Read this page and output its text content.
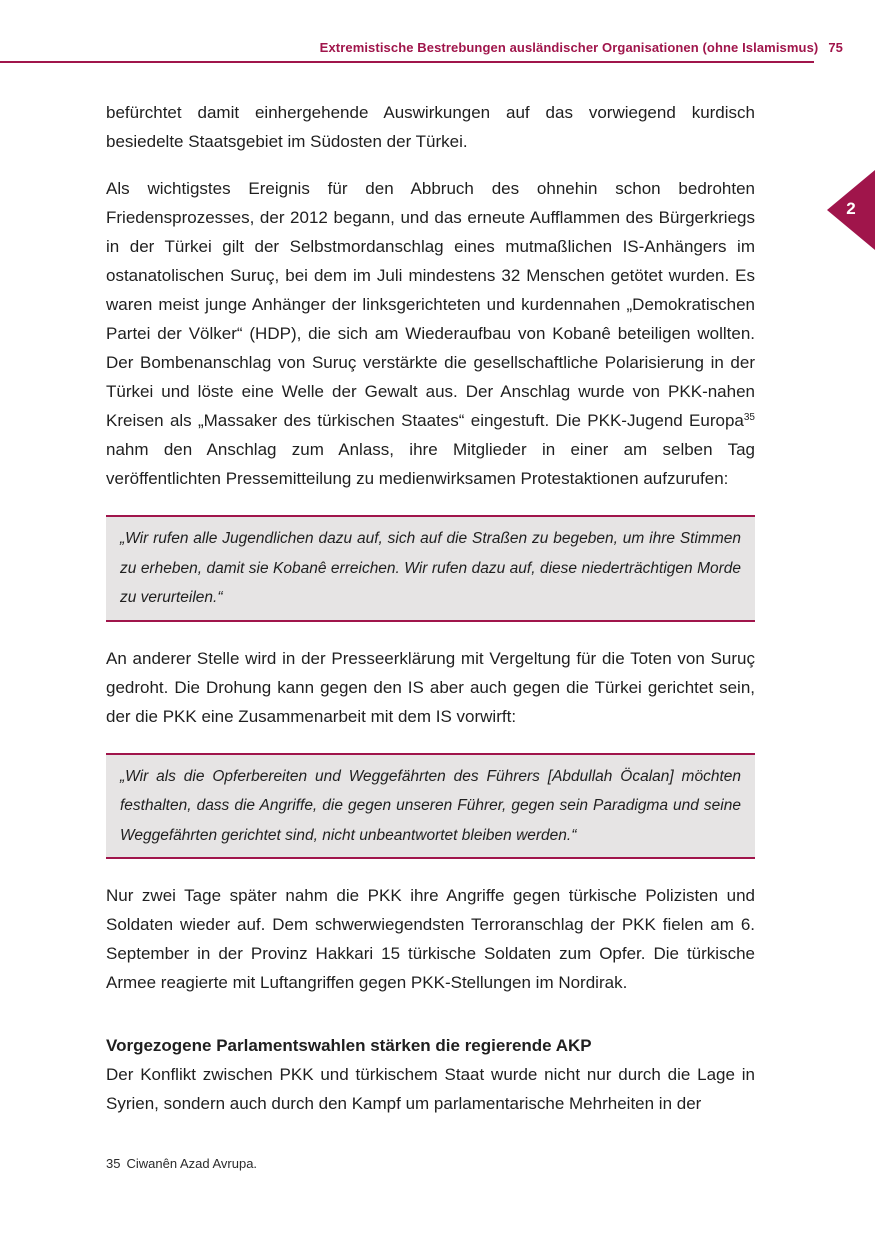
Extremistische Bestrebungen ausländischer Organisationen (ohne Islamismus) 75
2

befürchtet damit einhergehende Auswirkungen auf das vorwiegend kurdisch besiedelte Staatsgebiet im Südosten der Türkei.

Als wichtigstes Ereignis für den Abbruch des ohnehin schon bedrohten Friedensprozesses, der 2012 begann, und das erneute Aufflammen des Bürgerkriegs in der Türkei gilt der Selbstmordanschlag eines mutmaßlichen IS-Anhängers im ostanatolischen Suruç, bei dem im Juli mindestens 32 Menschen getötet wurden. Es waren meist junge Anhänger der linksgerichteten und kurdennahen „Demokratischen Partei der Völker“ (HDP), die sich am Wiederaufbau von Kobanê beteiligen wollten. Der Bombenanschlag von Suruç verstärkte die gesellschaftliche Polarisierung in der Türkei und löste eine Welle der Gewalt aus. Der Anschlag wurde von PKK-nahen Kreisen als „Massaker des türkischen Staates“ eingestuft. Die PKK-Jugend Europa$^{35}$ nahm den Anschlag zum Anlass, ihre Mitglieder in einer am selben Tag veröffentlichten Pressemitteilung zu medienwirksamen Protestaktionen aufzurufen:

„Wir rufen alle Jugendlichen dazu auf, sich auf die Straßen zu begeben, um ihre Stimmen zu erheben, damit sie Kobanê erreichen. Wir rufen dazu auf, diese niederträchtigen Morde zu verurteilen.“

An anderer Stelle wird in der Presseerklärung mit Vergeltung für die Toten von Suruç gedroht. Die Drohung kann gegen den IS aber auch gegen die Türkei gerichtet sein, der die PKK eine Zusammenarbeit mit dem IS vorwirft:

„Wir als die Opferbereiten und Weggefährten des Führers [Abdullah Öcalan] möchten festhalten, dass die Angriffe, die gegen unseren Führer, gegen sein Paradigma und seine Weggefährten gerichtet sind, nicht unbeantwortet bleiben werden.“

Nur zwei Tage später nahm die PKK ihre Angriffe gegen türkische Polizisten und Soldaten wieder auf. Dem schwerwiegendsten Terroranschlag der PKK fielen am 6. September in der Provinz Hakkari 15 türkische Soldaten zum Opfer. Die türkische Armee reagierte mit Luftangriffen gegen PKK-Stellungen im Nordirak.

Vorgezogene Parlamentswahlen stärken die regierende AKP

Der Konflikt zwischen PKK und türkischem Staat wurde nicht nur durch die Lage in Syrien, sondern auch durch den Kampf um parlamentarische Mehrheiten in der

35 Ciwanên Azad Avrupa.
